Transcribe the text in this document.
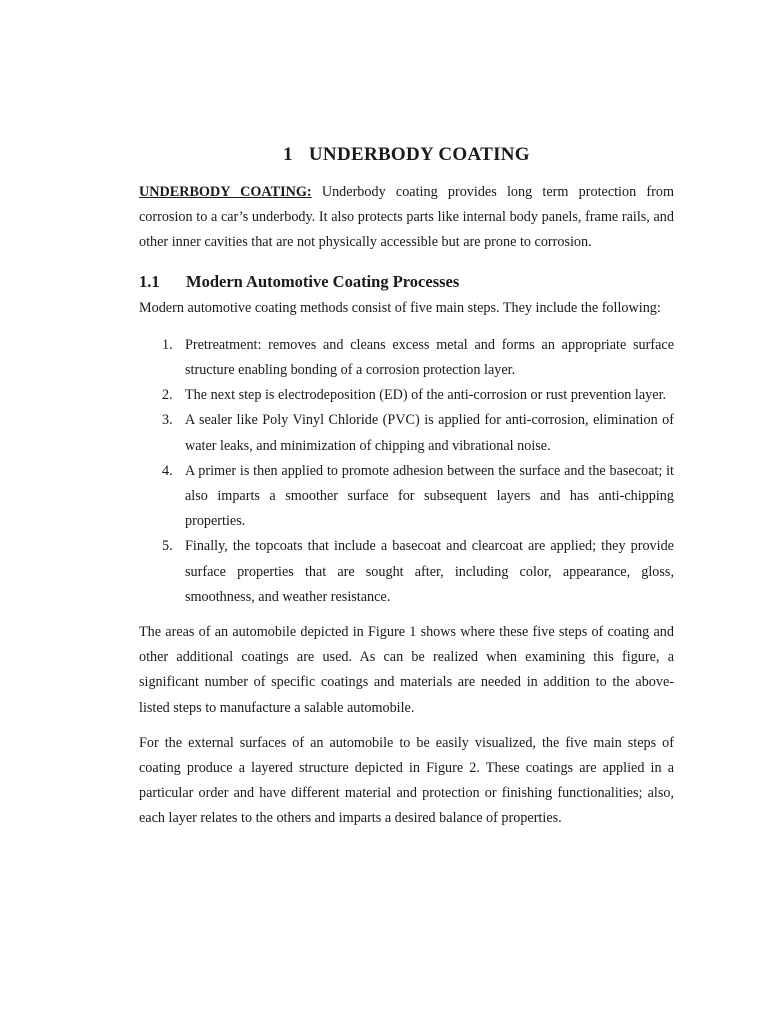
1 UNDERBODY COATING

UNDERBODY COATING: Underbody coating provides long term protection from corrosion to a car’s underbody. It also protects parts like internal body panels, frame rails, and other inner cavities that are not physically accessible but are prone to corrosion.

1.1 Modern Automotive Coating Processes

Modern automotive coating methods consist of five main steps. They include the following:

1. Pretreatment: removes and cleans excess metal and forms an appropriate surface structure enabling bonding of a corrosion protection layer.
2. The next step is electrodeposition (ED) of the anti-corrosion or rust prevention layer.
3. A sealer like Poly Vinyl Chloride (PVC) is applied for anti-corrosion, elimination of water leaks, and minimization of chipping and vibrational noise.
4. A primer is then applied to promote adhesion between the surface and the basecoat; it also imparts a smoother surface for subsequent layers and has anti-chipping properties.
5. Finally, the topcoats that include a basecoat and clearcoat are applied; they provide surface properties that are sought after, including color, appearance, gloss, smoothness, and weather resistance.

The areas of an automobile depicted in Figure 1 shows where these five steps of coating and other additional coatings are used. As can be realized when examining this figure, a significant number of specific coatings and materials are needed in addition to the above-listed steps to manufacture a salable automobile.

For the external surfaces of an automobile to be easily visualized, the five main steps of coating produce a layered structure depicted in Figure 2. These coatings are applied in a particular order and have different material and protection or finishing functionalities; also, each layer relates to the others and imparts a desired balance of properties.
